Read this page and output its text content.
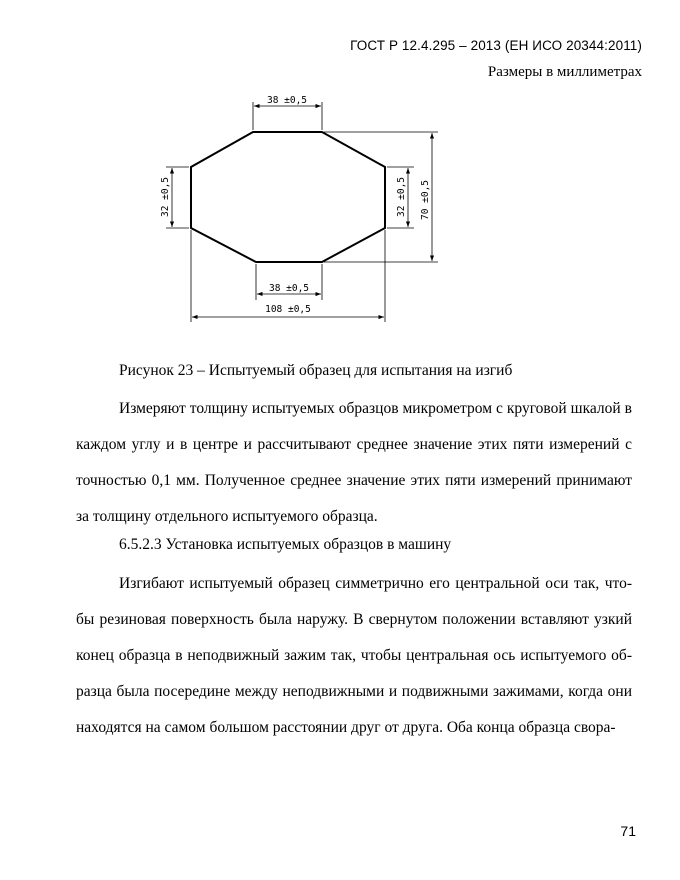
ГОСТ Р 12.4.295 – 2013 (ЕН ИСО 20344:2011)
Размеры в миллиметрах
38 ±0,5
38 ±0,5
108 ±0,5
32 ±0,5	32 ±0,5 70 ±0,5
Рисунок 23 – Испытуемый образец для испытания на изгиб
Измеряют толщину испытуемых образцов микрометром с круговой шкалой в каждом углу и в центре и рассчитывают среднее значение этих пяти измерений с точностью 0,1 мм. Полученное среднее значение этих пяти измерений принимают за толщину отдельного испытуемого образца.
6.5.2.3 Установка испытуемых образцов в машину
Изгибают испытуемый образец симметрично его центральной оси так, чтобы резиновая поверхность была наружу. В свернутом положении вставляют узкий конец образца в неподвижный зажим так, чтобы центральная ось испытуемого образца была посередине между неподвижными и подвижными зажимами, когда они находятся на самом большом расстоянии друг от друга. Оба конца образца свора-
71
